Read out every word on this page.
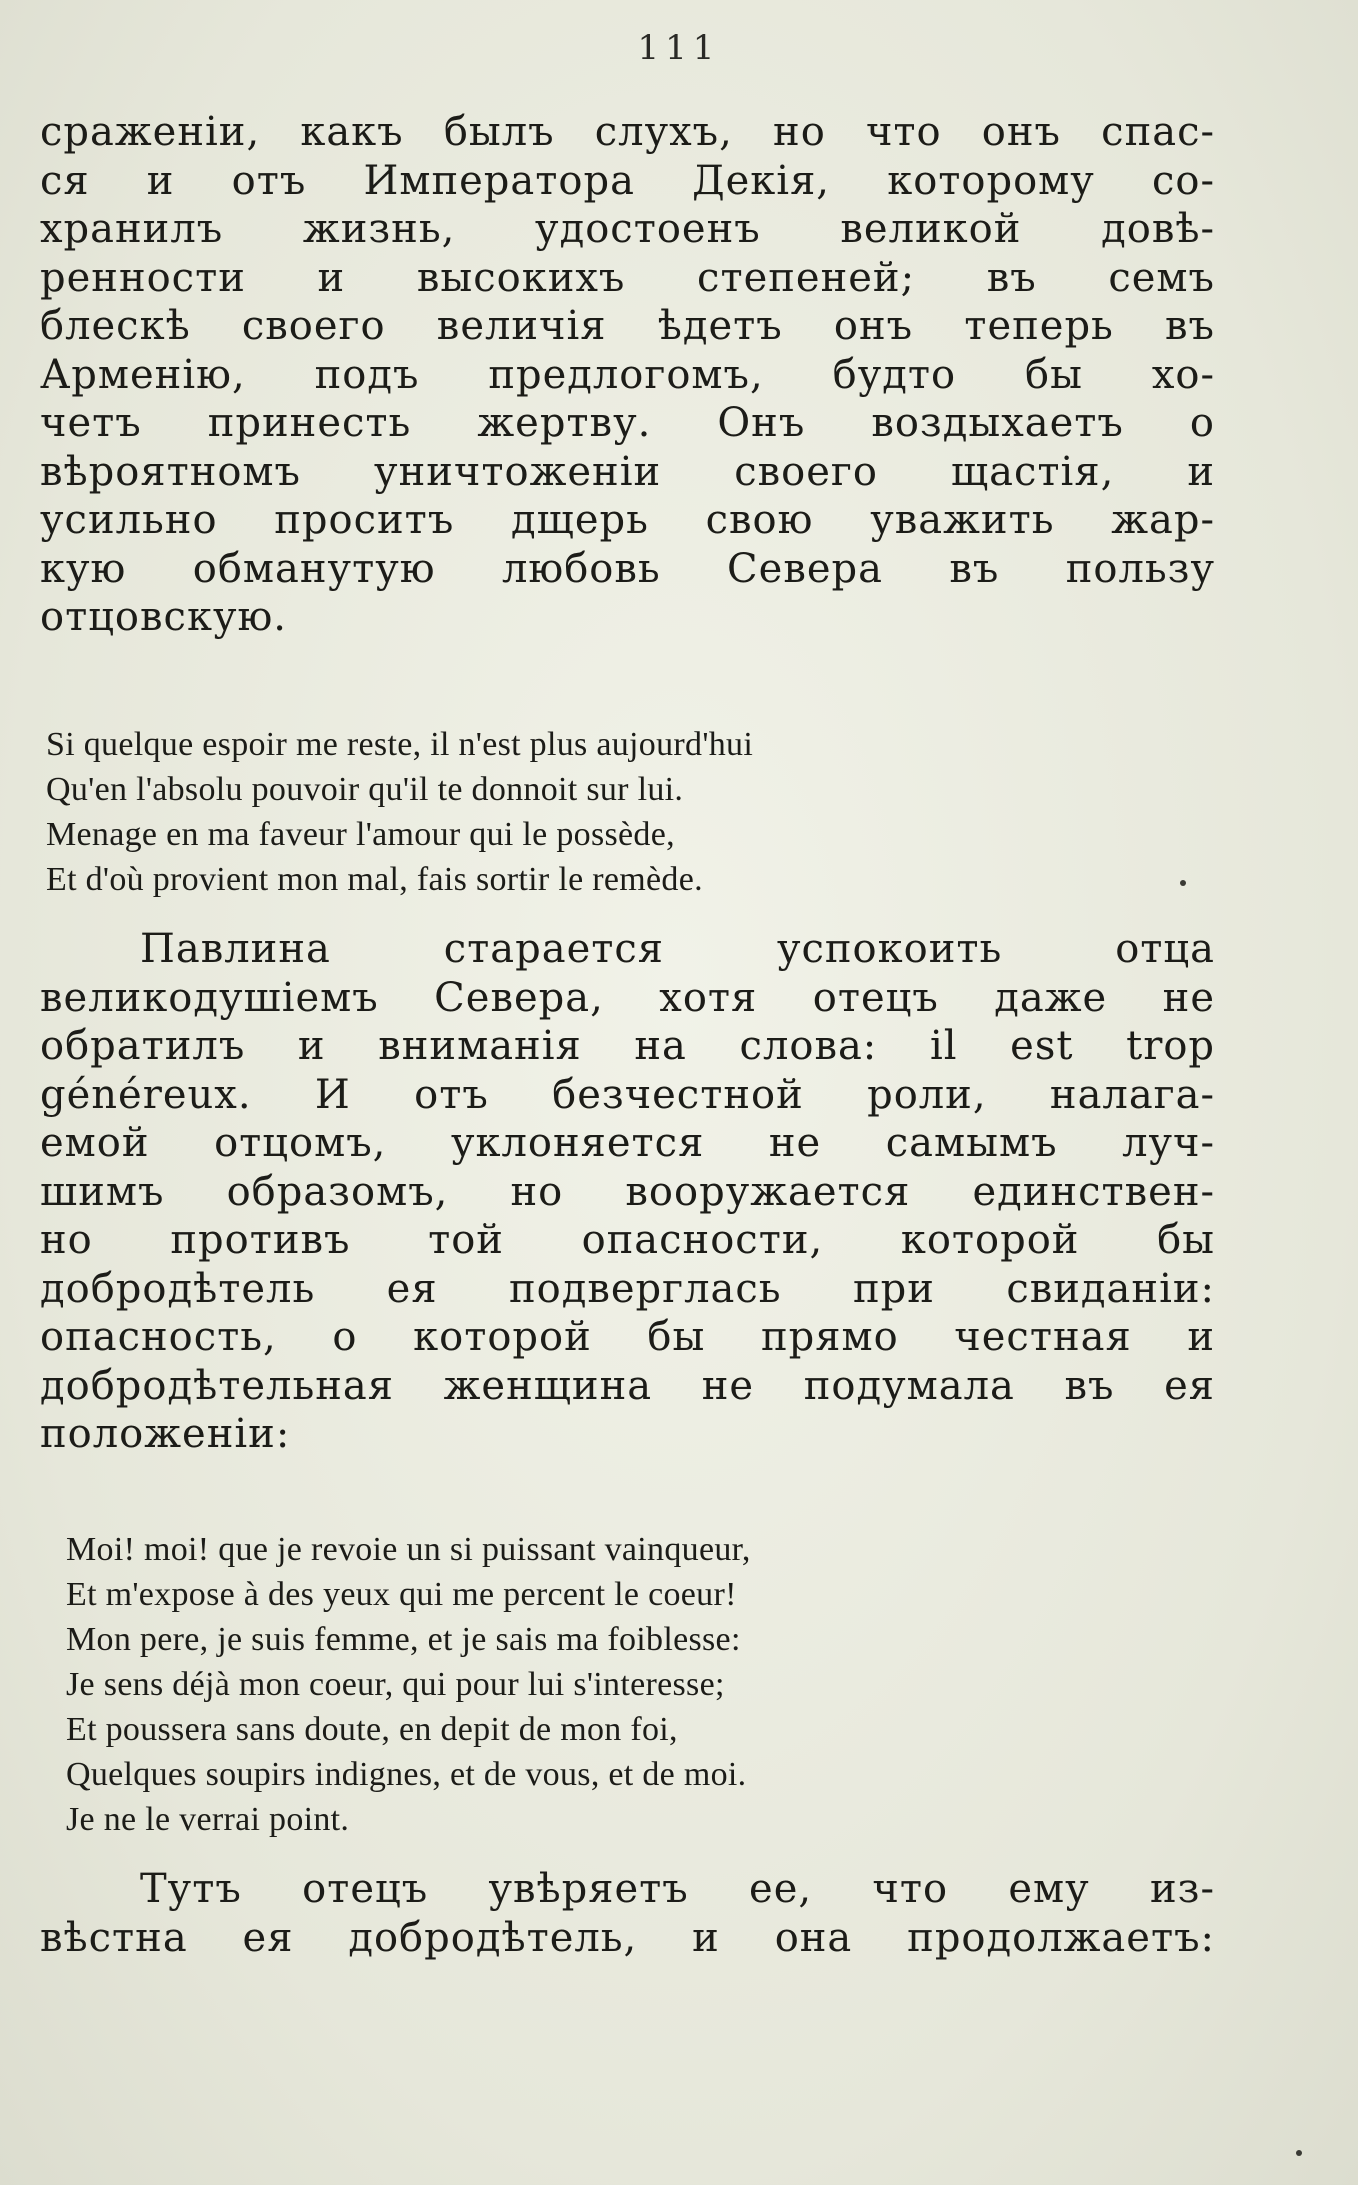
111
сраженіи, какъ былъ слухъ, но что онъ спас-
ся и отъ Императора Декія, которому со-
хранилъ жизнь, удостоенъ великой довѣ-
ренности и высокихъ степеней; въ семъ
блескѣ своего величія ѣдетъ онъ теперь въ
Арменію, подъ предлогомъ, будто бы хо-
четъ принесть жертву. Онъ воздыхаетъ о
вѣроятномъ уничтоженіи своего щастія, и
усильно проситъ дщерь свою уважить жар-
кую обманутую любовь Севера въ пользу
отцовскую.
Si quelque espoir me reste, il n'est plus aujourd'hui
Qu'en l'absolu pouvoir qu'il te donnoit sur lui.
Menage en ma faveur l'amour qui le possède,
Et d'où provient mon mal, fais sortir le remède.
Павлина старается успокоить отца
великодушіемъ Севера, хотя отецъ даже не
обратилъ и вниманія на слова: il est trop
généreux. И отъ безчестной роли, налага-
емой отцомъ, уклоняется не самымъ луч-
шимъ образомъ, но вооружается единствен-
но противъ той опасности, которой бы
добродѣтель ея подверглась при свиданіи:
опасность, о которой бы прямо честная и
добродѣтельная женщина не подумала въ ея
положеніи:
Moi! moi! que je revoie un si puissant vainqueur,
Et m'expose à des yeux qui me percent le coeur!
Mon pere, je suis femme, et je sais ma foiblesse:
Je sens déjà mon coeur, qui pour lui s'interesse;
Et poussera sans doute, en depit de mon foi,
Quelques soupirs indignes, et de vous, et de moi.
Je ne le verrai point.
Тутъ отецъ увѣряетъ ее, что ему из-
вѣстна ея добродѣтель, и она продолжаетъ:
